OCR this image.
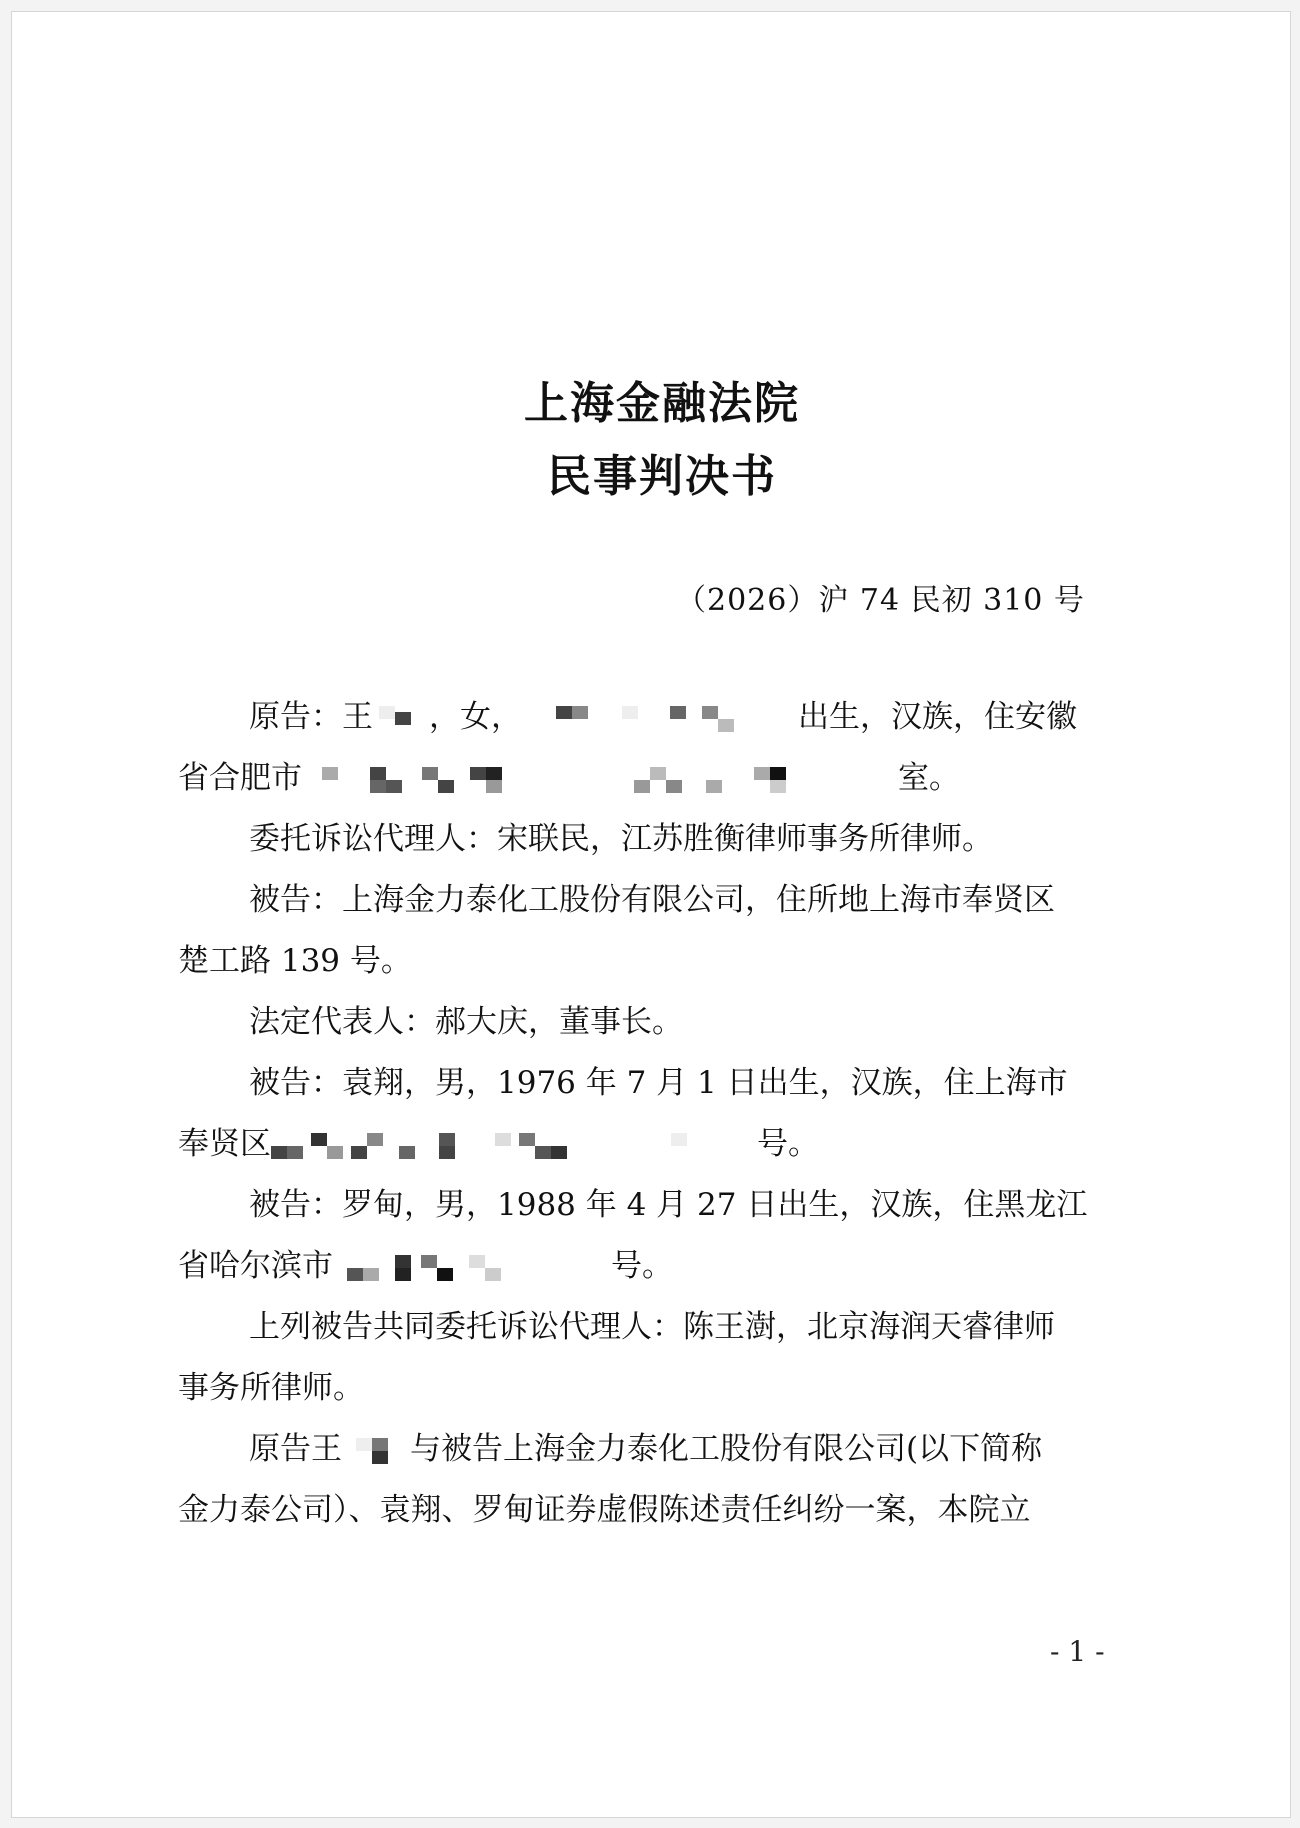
上海金融法院
民事判决书
（2026）沪 74 民初 310 号
原告：王 ，女，	出生，汉族，住安徽
省合肥市	室。
委托诉讼代理人：宋联民，江苏胜衡律师事务所律师。
被告：上海金力泰化工股份有限公司，住所地上海市奉贤区
楚工路 139 号。
法定代表人：郝大庆，董事长。
被告：袁翔，男，1976 年 7 月 1 日出生，汉族，住上海市
奉贤区	号。
被告：罗甸，男，1988 年 4 月 27 日出生，汉族，住黑龙江
省哈尔滨市	号。
上列被告共同委托诉讼代理人：陈王澍，北京海润天睿律师
事务所律师。
原告王 与被告上海金力泰化工股份有限公司(以下简称
金力泰公司）、袁翔、罗甸证券虚假陈述责任纠纷一案，本院立
- 1 -
